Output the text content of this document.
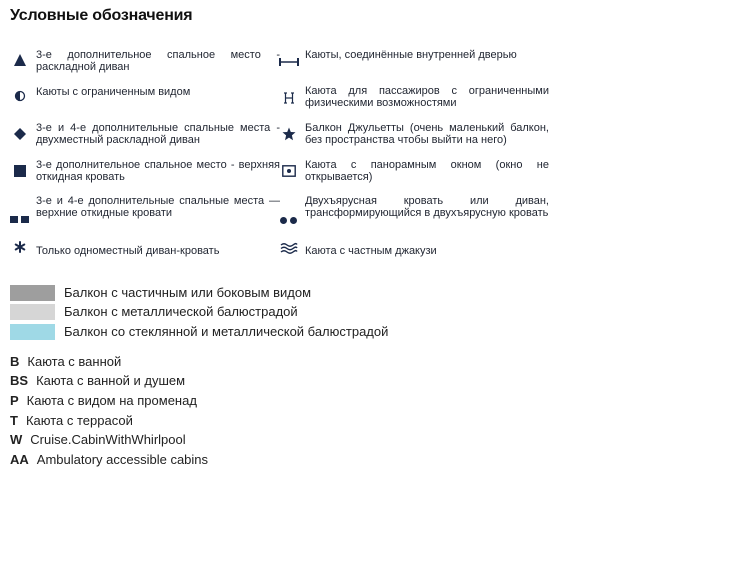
Условные обозначения
3-е дополнительное спальное место - раскладной диван
Каюты с ограниченным видом
3-е и 4-е дополнительные спальные места - двухместный раскладной диван
3-е дополнительное спальное место - верхняя откидная кровать
3-е и 4-е дополнительные спальные места — верхние откидные кровати
Только одноместный диван-кровать
Каюты, соединённые внутренней дверью
Каюта для пассажиров с ограниченными физическими возможностями
Балкон Джульетты (очень маленький балкон, без пространства чтобы выйти на него)
Каюта с панорамным окном (окно не открывается)
Двухъярусная кровать или диван, трансформирующийся в двухъярусную кровать
Каюта с частным джакузи
Балкон с частичным или боковым видом
Балкон с металлической балюстрадой
Балкон со стеклянной и металлической балюстрадой
B Каюта с ванной
BS Каюта с ванной и душем
P Каюта с видом на променад
T Каюта с террасой
W Cruise.CabinWithWhirlpool
AA Ambulatory accessible cabins
